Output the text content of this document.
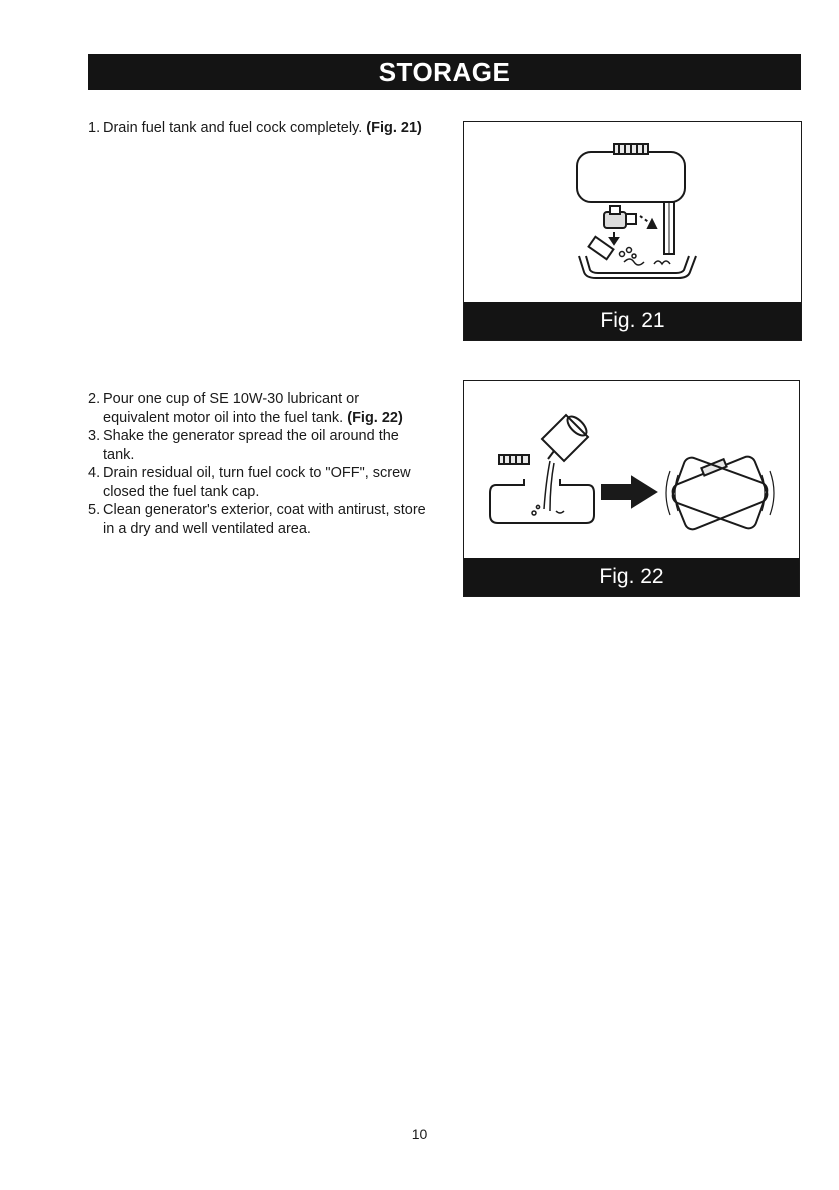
STORAGE
1. Drain fuel tank and fuel cock completely. (Fig. 21)
2. Pour one cup of SE 10W-30 lubricant or equivalent motor oil into the fuel tank. (Fig. 22)
3. Shake the generator spread the oil around the tank.
4. Drain residual oil, turn fuel cock to "OFF", screw closed the fuel tank cap.
5. Clean generator's exterior, coat with antirust, store in a dry and well ventilated area.
Fig. 21
Fig. 22
10
